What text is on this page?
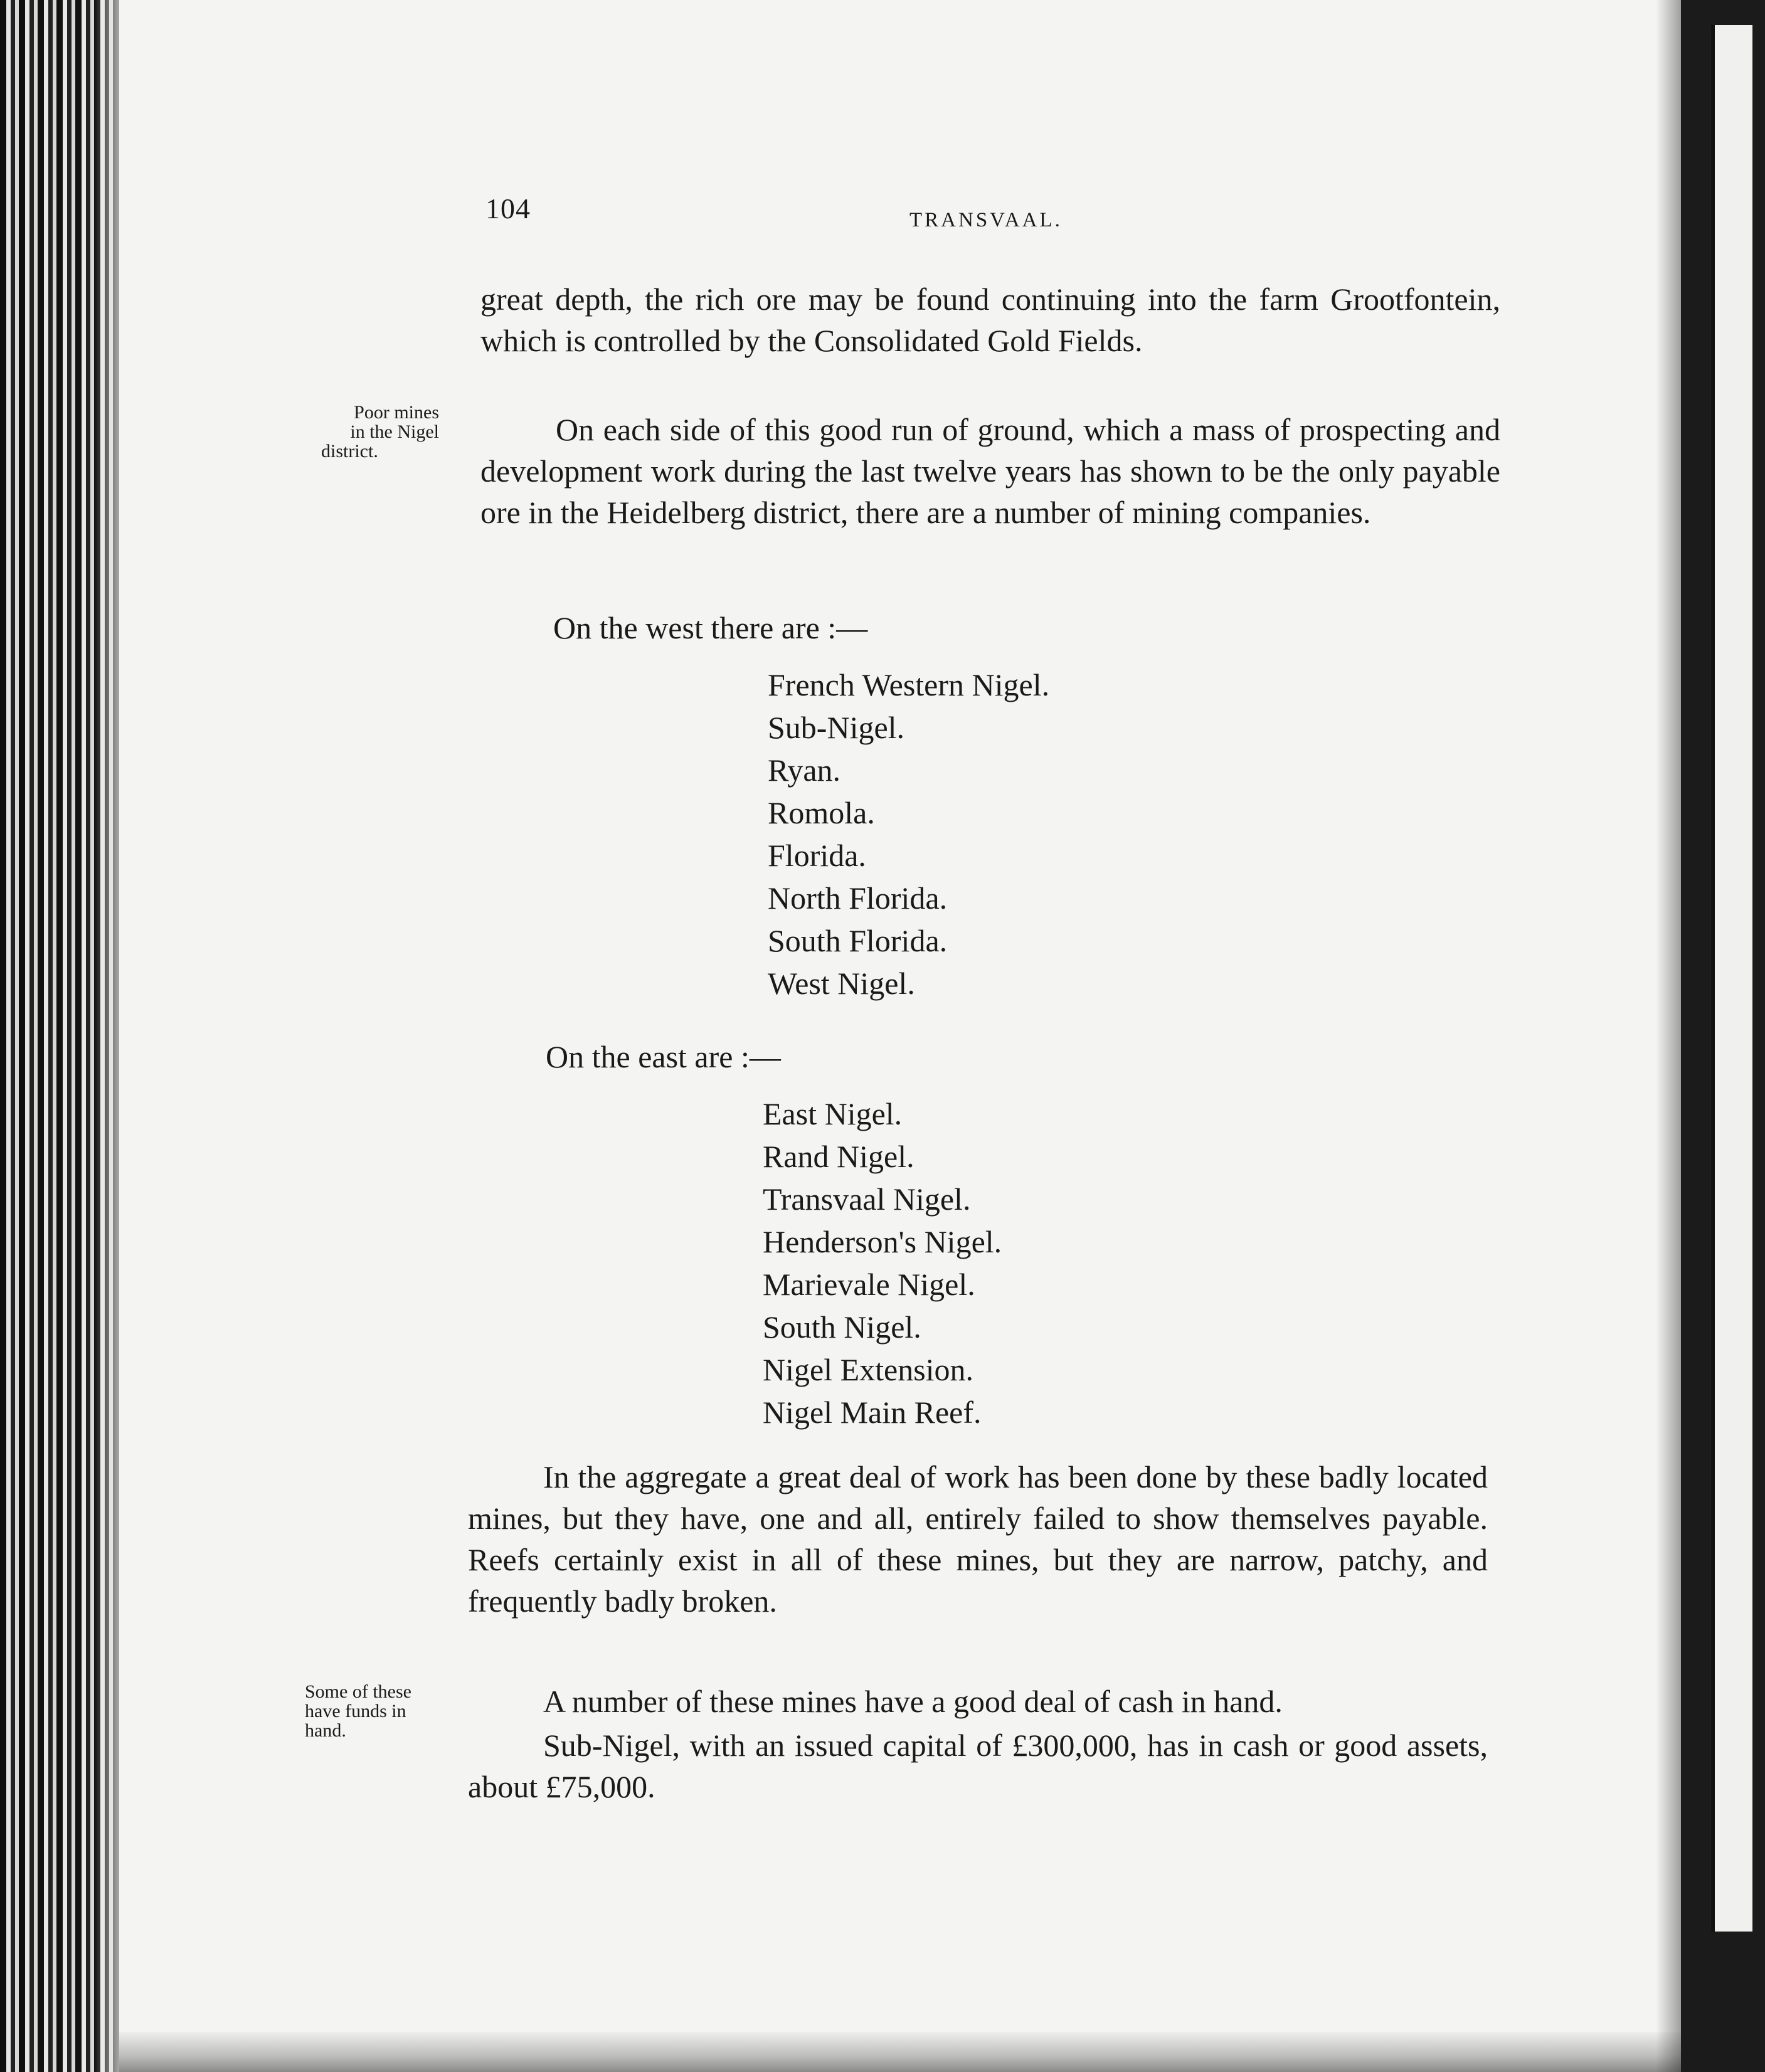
104	TRANSVAAL.
Poor mines
in the Nigel
district.

great depth, the rich ore may be found continuing into the farm Grootfontein, which is controlled by the Consolidated Gold Fields.

On each side of this good run of ground, which a mass of prospecting and development work during the last twelve years has shown to be the only payable ore in the Heidelberg district, there are a number of mining companies.

On the west there are :—
French Western Nigel.
Sub-Nigel.
Ryan.
Romola.
Florida.
North Florida.
South Florida.
West Nigel.
On the east are :—
East Nigel.
Rand Nigel.
Transvaal Nigel.
Henderson's Nigel.
Marievale Nigel.
South Nigel.
Nigel Extension.
Nigel Main Reef.

In the aggregate a great deal of work has been done by these badly located mines, but they have, one and all, entirely failed to show themselves payable. Reefs certainly exist in all of these mines, but they are narrow, patchy, and frequently badly broken.

Some of these
have funds in
hand.

A number of these mines have a good deal of cash in hand.

Sub-Nigel, with an issued capital of £300,000, has in cash or good assets, about £75,000.
